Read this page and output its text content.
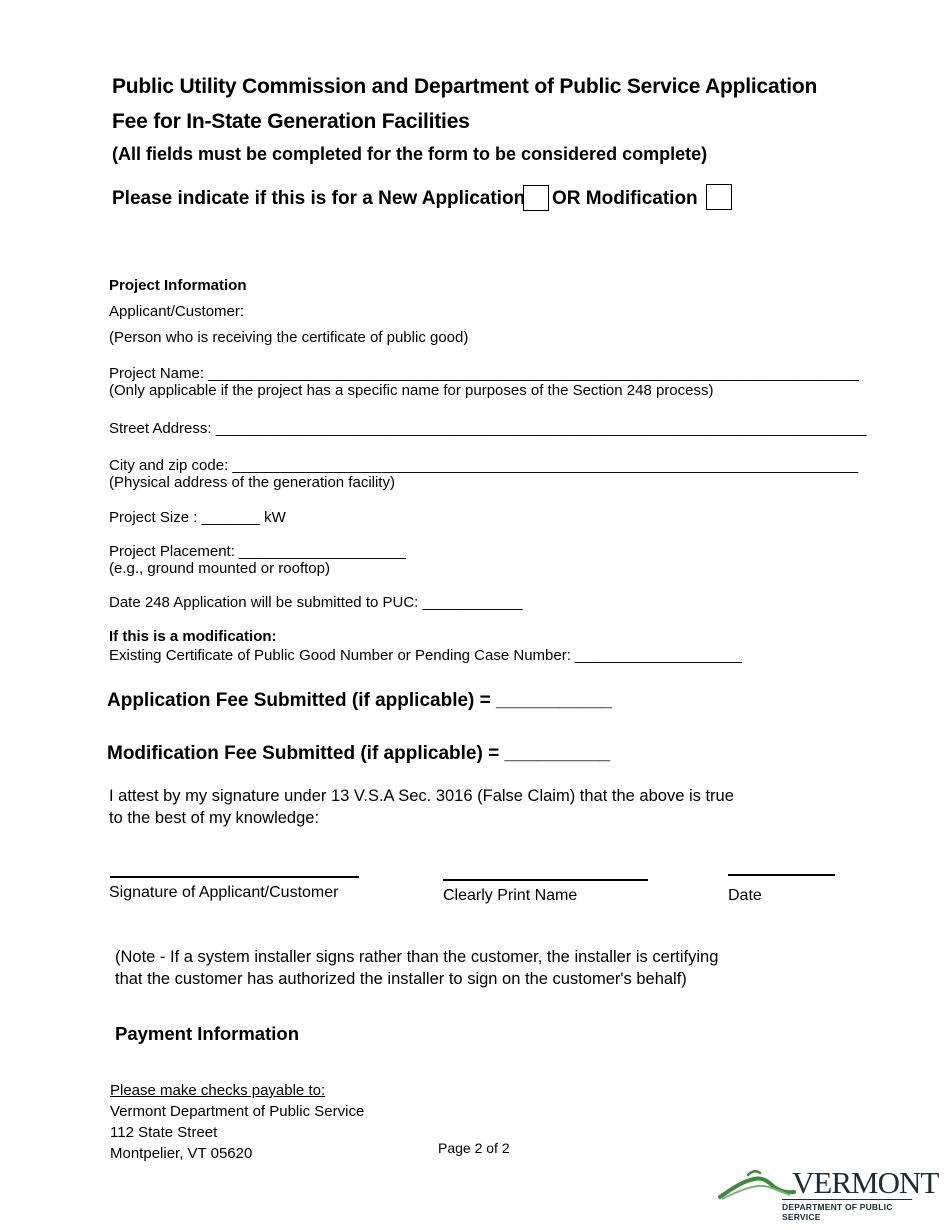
Public Utility Commission and Department of Public Service Application
Fee for In-State Generation Facilities
(All fields must be completed for the form to be considered complete)
Please indicate if this is for a New Application OR Modification
Project Information
Applicant/Customer:
(Person who is receiving the certificate of public good)
Project Name: ______________________________________________________________________________
(Only applicable if the project has a specific name for purposes of the Section 248 process)
Street Address: ______________________________________________________________________________
City and zip code: ___________________________________________________________________________
(Physical address of the generation facility)
Project Size : _______ kW
Project Placement: ____________________
(e.g., ground mounted or rooftop)
Date 248 Application will be submitted to PUC: ____________
If this is a modification:
Existing Certificate of Public Good Number or Pending Case Number: ____________________
Application Fee Submitted (if applicable) = ___________
Modification Fee Submitted (if applicable) = __________
I attest by my signature under 13 V.S.A Sec. 3016 (False Claim) that the above is true
to the best of my knowledge:
Signature of Applicant/Customer	Clearly Print Name	Date
(Note - If a system installer signs rather than the customer, the installer is certifying
that the customer has authorized the installer to sign on the customer's behalf)
Payment Information
Please make checks payable to:
Vermont Department of Public Service
112 State Street
Montpelier, VT 05620	Page 2 of 2
VERMONT
DEPARTMENT OF PUBLIC SERVICE
